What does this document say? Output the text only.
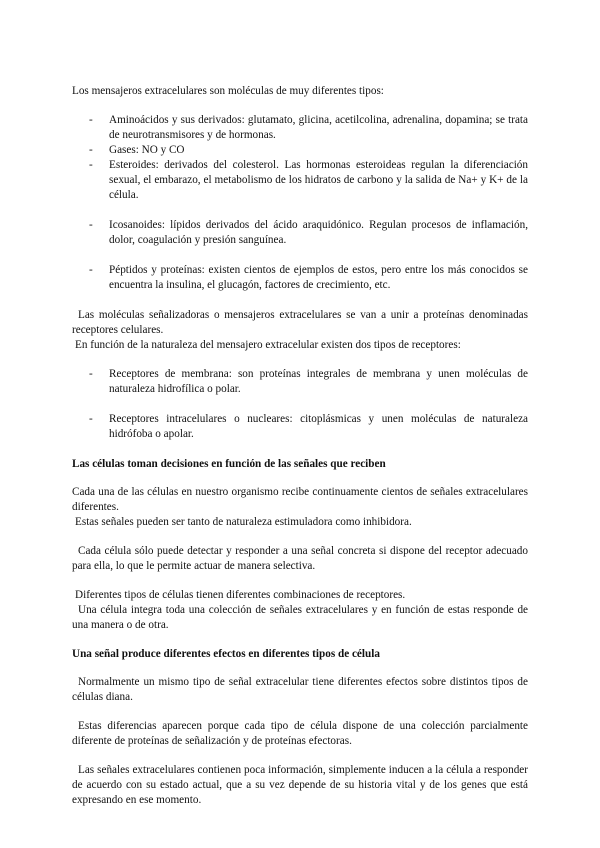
Los mensajeros extracelulares son moléculas de muy diferentes tipos:

- Aminoácidos y sus derivados: glutamato, glicina, acetilcolina, adrenalina, dopamina; se trata de neurotransmisores y de hormonas.
- Gases: NO y CO
- Esteroides: derivados del colesterol. Las hormonas esteroideas regulan la diferenciación sexual, el embarazo, el metabolismo de los hidratos de carbono y la salida de Na+ y K+ de la célula.
- Icosanoides: lípidos derivados del ácido araquidónico. Regulan procesos de inflamación, dolor, coagulación y presión sanguínea.
- Péptidos y proteínas: existen cientos de ejemplos de estos, pero entre los más conocidos se encuentra la insulina, el glucagón, factores de crecimiento, etc.

Las moléculas señalizadoras o mensajeros extracelulares se van a unir a proteínas denominadas receptores celulares.

En función de la naturaleza del mensajero extracelular existen dos tipos de receptores:

- Receptores de membrana: son proteínas integrales de membrana y unen moléculas de naturaleza hidrofílica o polar.
- Receptores intracelulares o nucleares: citoplásmicas y unen moléculas de naturaleza hidrófoba o apolar.
Las células toman decisiones en función de las señales que reciben

Cada una de las células en nuestro organismo recibe continuamente cientos de señales extracelulares diferentes.

Estas señales pueden ser tanto de naturaleza estimuladora como inhibidora.

Cada célula sólo puede detectar y responder a una señal concreta si dispone del receptor adecuado para ella, lo que le permite actuar de manera selectiva.

Diferentes tipos de células tienen diferentes combinaciones de receptores.

Una célula integra toda una colección de señales extracelulares y en función de estas responde de una manera o de otra.

Una señal produce diferentes efectos en diferentes tipos de célula

Normalmente un mismo tipo de señal extracelular tiene diferentes efectos sobre distintos tipos de células diana.

Estas diferencias aparecen porque cada tipo de célula dispone de una colección parcialmente diferente de proteínas de señalización y de proteínas efectoras.

Las señales extracelulares contienen poca información, simplemente inducen a la célula a responder de acuerdo con su estado actual, que a su vez depende de su historia vital y de los genes que está expresando en ese momento.
